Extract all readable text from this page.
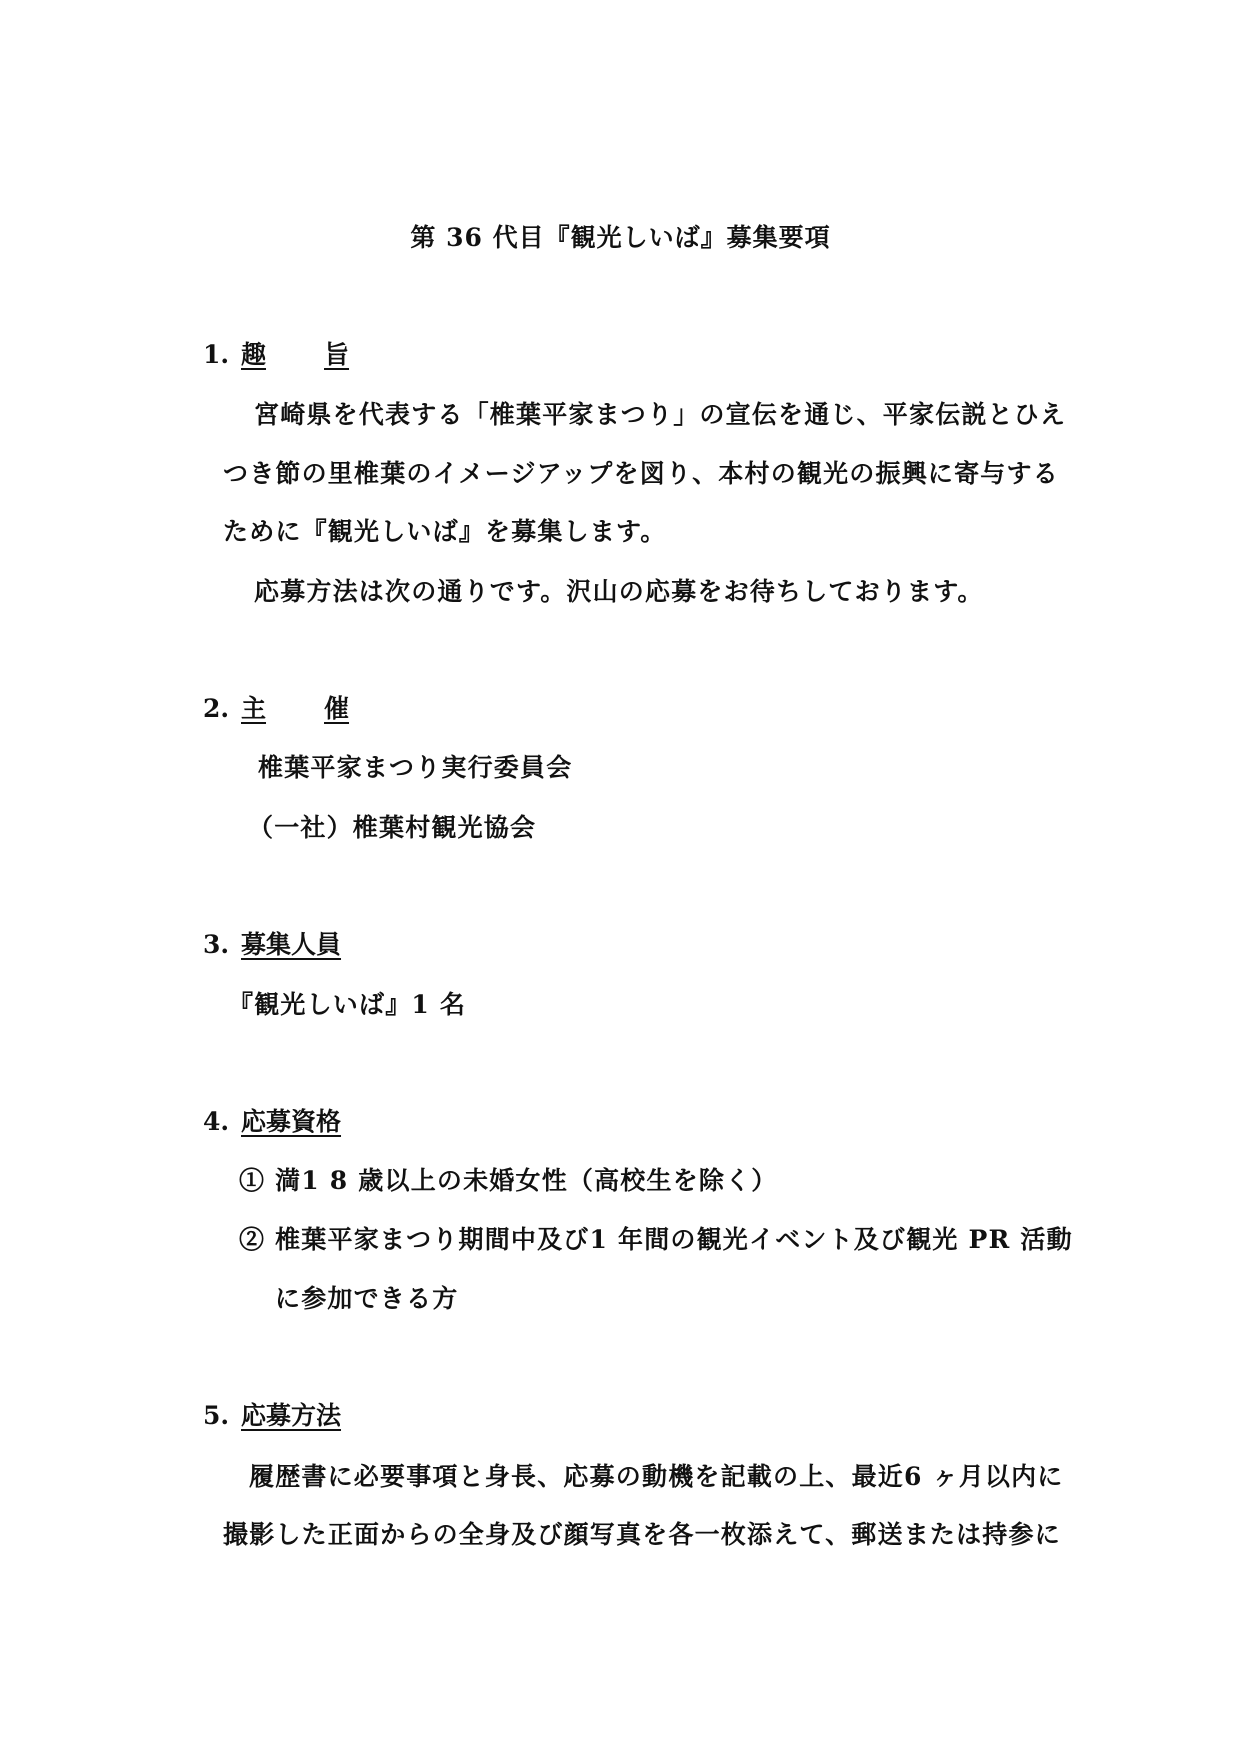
第 36 代目『観光しいば』募集要項
1. 趣 旨
宮崎県を代表する「椎葉平家まつり」の宣伝を通じ、平家伝説とひえ
つき節の里椎葉のイメージアップを図り、本村の観光の振興に寄与する
ために『観光しいば』を募集します。
応募方法は次の通りです。沢山の応募をお待ちしております。
2. 主 催
椎葉平家まつり実行委員会
（一社）椎葉村観光協会
3. 募集人員
『観光しいば』1 名
4. 応募資格
① 満1 8 歳以上の未婚女性（高校生を除く）
② 椎葉平家まつり期間中及び1 年間の観光イベント及び観光 PR 活動
に参加できる方
5. 応募方法
履歴書に必要事項と身長、応募の動機を記載の上、最近6 ヶ月以内に
撮影した正面からの全身及び顔写真を各一枚添えて、郵送または持参に
